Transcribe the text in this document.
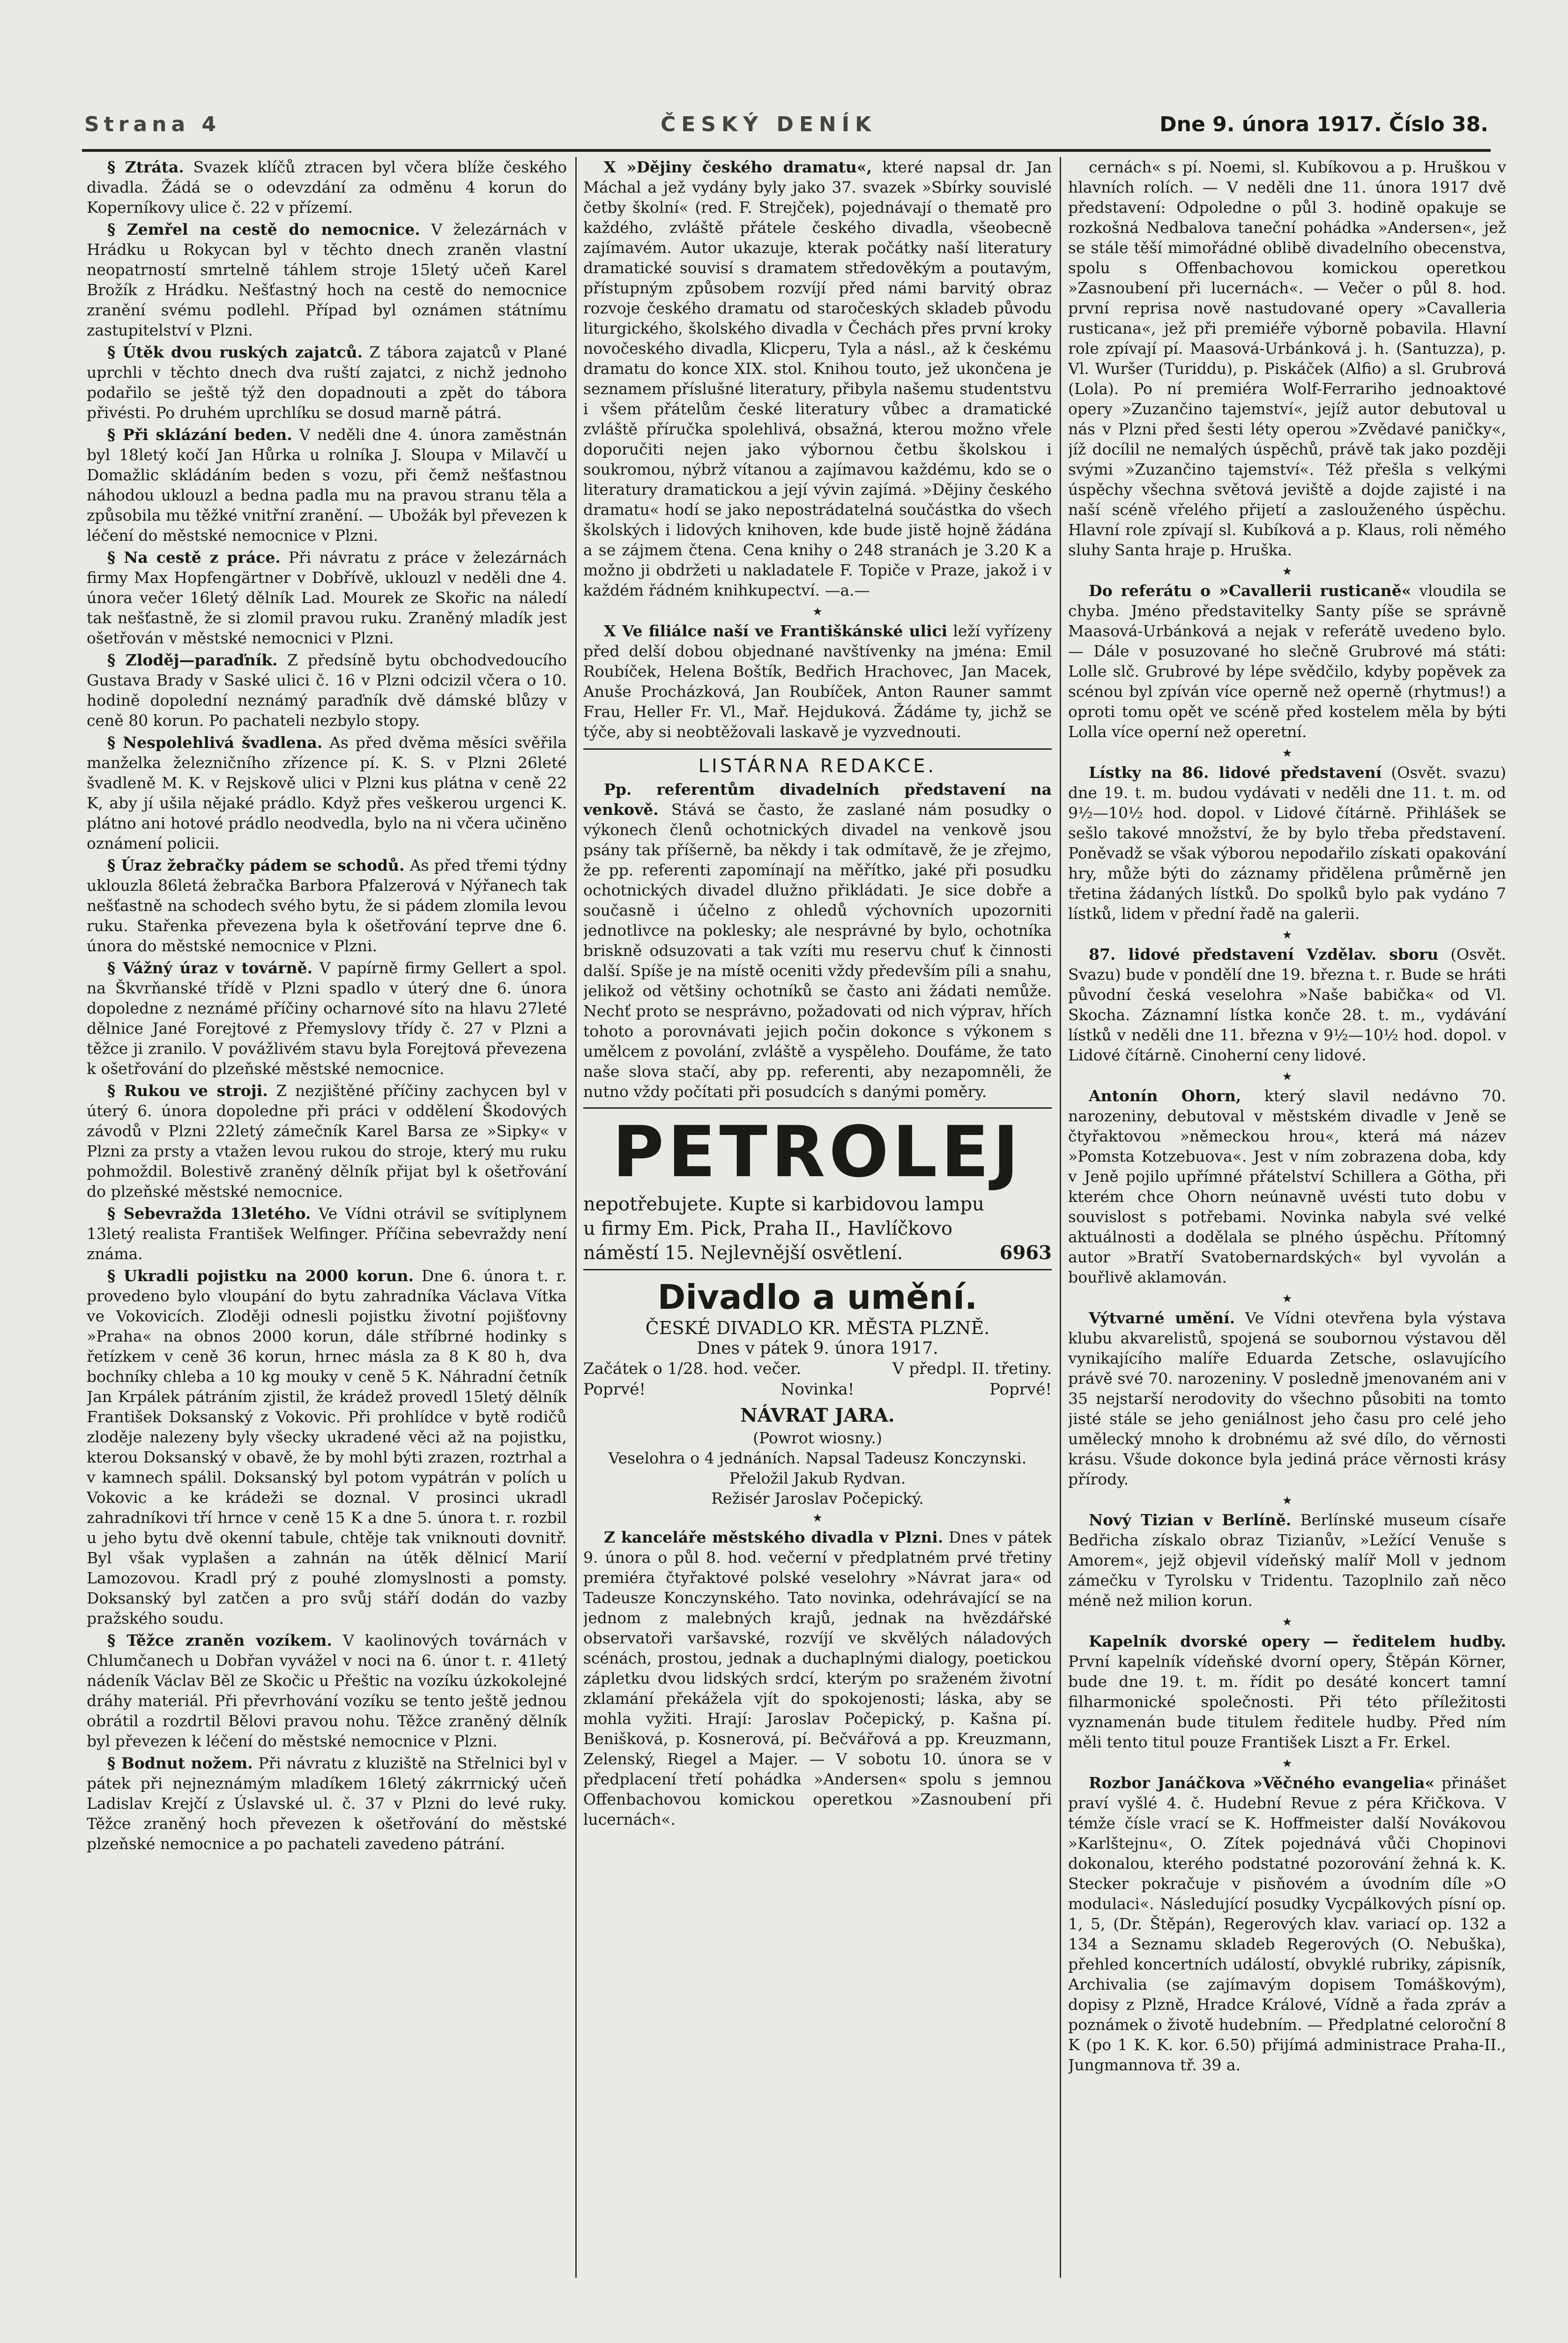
Strana 4	ČESKÝ DENÍK	Dne 9. února 1917. Číslo 38.

§ Ztráta. Svazek klíčů ztracen byl včera blíže českého divadla. Žádá se o odevzdání za odměnu 4 korun do Koperníkovy ulice č. 22 v přízemí.

§ Zemřel na cestě do nemocnice. V železárnách v Hrádku u Rokycan byl v těchto dnech zraněn vlastní neopatrností smrtelně táhlem stroje 15letý učeň Karel Brožík z Hrádku. Nešťastný hoch na cestě do nemocnice zranění svému podlehl. Případ byl oznámen státnímu zastupitelství v Plzni.

§ Útěk dvou ruských zajatců. Z tábora zajatců v Plané uprchli v těchto dnech dva ruští zajatci, z nichž jednoho podařilo se ještě týž den dopadnouti a zpět do tábora přivésti. Po druhém uprchlíku se dosud marně pátrá.

§ Při sklázání beden. V neděli dne 4. února zaměstnán byl 18letý kočí Jan Hůrka u rolníka J. Sloupa v Milavčí u Domažlic skládáním beden s vozu, při čemž nešťastnou náhodou uklouzl a bedna padla mu na pravou stranu těla a způsobila mu těžké vnitřní zranění. — Ubožák byl převezen k léčení do městské nemocnice v Plzni.

§ Na cestě z práce. Při návratu z práce v železárnách firmy Max Hopfengärtner v Dobřívě, uklouzl v neděli dne 4. února večer 16letý dělník Lad. Mourek ze Skořic na náledí tak nešťastně, že si zlomil pravou ruku. Zraněný mladík jest ošetřován v městské nemocnici v Plzni.

§ Zloděj—paraďník. Z předsíně bytu obchodvedoucího Gustava Brady v Saské ulici č. 16 v Plzni odcizil včera o 10. hodině dopolední neznámý paraďník dvě dámské blůzy v ceně 80 korun. Po pachateli nezbylo stopy.

§ Nespolehlivá švadlena. As před dvěma měsíci svěřila manželka železničního zřízence pí. K. S. v Plzni 26leté švadleně M. K. v Rejskově ulici v Plzni kus plátna v ceně 22 K, aby jí ušila nějaké prádlo. Když přes veškerou urgenci K. plátno ani hotové prádlo neodvedla, bylo na ni včera učiněno oznámení policii.

§ Úraz žebračky pádem se schodů. As před třemi týdny uklouzla 86letá žebračka Barbora Pfalzerová v Nýřanech tak nešťastně na schodech svého bytu, že si pádem zlomila levou ruku. Stařenka převezena byla k ošetřování teprve dne 6. února do městské nemocnice v Plzni.

§ Vážný úraz v továrně. V papírně firmy Gellert a spol. na Škvrňanské třídě v Plzni spadlo v úterý dne 6. února dopoledne z neznámé příčiny ocharnové síto na hlavu 27leté dělnice Jané Forejtové z Přemyslovy třídy č. 27 v Plzni a těžce ji zranilo. V povážlivém stavu byla Forejtová převezena k ošetřování do plzeňské městské nemocnice.

§ Rukou ve stroji. Z nezjištěné příčiny zachycen byl v úterý 6. února dopoledne při práci v oddělení Škodových závodů v Plzni 22letý zámečník Karel Barsa ze »Sipky« v Plzni za prsty a vtažen levou rukou do stroje, který mu ruku pohmoždil. Bolestivě zraněný dělník přijat byl k ošetřování do plzeňské městské nemocnice.

§ Sebevražda 13letého. Ve Vídni otrávil se svítiplynem 13letý realista František Welfinger. Příčina sebevraždy není známa.

§ Ukradli pojistku na 2000 korun. Dne 6. února t. r. provedeno bylo vloupání do bytu zahradníka Václava Vítka ve Vokovicích. Zloději odnesli pojistku životní pojišťovny »Praha« na obnos 2000 korun, dále stříbrné hodinky s řetízkem v ceně 36 korun, hrnec másla za 8 K 80 h, dva bochníky chleba a 10 kg mouky v ceně 5 K. Náhradní četník Jan Krpálek pátráním zjistil, že krádež provedl 15letý dělník František Doksanský z Vokovic. Při prohlídce v bytě rodičů zloděje nalezeny byly všecky ukradené věci až na pojistku, kterou Doksanský v obavě, že by mohl býti zrazen, roztrhal a v kamnech spálil. Doksanský byl potom vypátrán v polích u Vokovic a ke krádeži se doznal. V prosinci ukradl zahradníkovi tří hrnce v ceně 15 K a dne 5. února t. r. rozbil u jeho bytu dvě okenní tabule, chtěje tak vniknouti dovnitř. Byl však vyplašen a zahnán na útěk dělnicí Marií Lamozovou. Kradl prý z pouhé zlomyslnosti a pomsty. Doksanský byl zatčen a pro svůj stáří dodán do vazby pražského soudu.

§ Těžce zraněn vozíkem. V kaolinových továrnách v Chlumčanech u Dobřan vyvážel v noci na 6. únor t. r. 41letý nádeník Václav Běl ze Skočic u Přeštic na vozíku úzkokolejné dráhy materiál. Při převrhování vozíku se tento ještě jednou obrátil a rozdrtil Bělovi pravou nohu. Těžce zraněný dělník byl převezen k léčení do městské nemocnice v Plzni.

§ Bodnut nožem. Při návratu z kluziště na Střelnici byl v pátek při nejneznámým mladíkem 16letý zákrrnický učeň Ladislav Krejčí z Úslavské ul. č. 37 v Plzni do levé ruky. Těžce zraněný hoch převezen k ošetřování do městské plzeňské nemocnice a po pachateli zavedeno pátrání.

X »Dějiny českého dramatu«, které napsal dr. Jan Máchal a jež vydány byly jako 37. svazek »Sbírky souvislé četby školní« (red. F. Strejček), pojednávají o thematě pro každého, zvláště přátele českého divadla, všeobecně zajímavém. Autor ukazuje, kterak počátky naší literatury dramatické souvisí s dramatem středověkým a poutavým, přístupným způsobem rozvíjí před námi barvitý obraz rozvoje českého dramatu od staročeských skladeb původu liturgického, školského divadla v Čechách přes první kroky novočeského divadla, Klicperu, Tyla a násl., až k českému dramatu do konce XIX. stol. Knihou touto, jež ukončena je seznamem příslušné literatury, přibyla našemu studentstvu i všem přátelům české literatury vůbec a dramatické zvláště příručka spolehlivá, obsažná, kterou možno vřele doporučiti nejen jako výbornou četbu školskou i soukromou, nýbrž vítanou a zajímavou každému, kdo se o literatury dramatickou a její vývin zajímá. »Dějiny českého dramatu« hodí se jako nepostrádatelná součástka do všech školských i lidových knihoven, kde bude jistě hojně žádána a se zájmem čtena. Cena knihy o 248 stranách je 3.20 K a možno ji obdržeti u nakladatele F. Topiče v Praze, jakož i v každém řádném knihkupectví. —a.—

★

X Ve filiálce naší ve Františkánské ulici leží vyřízeny před delší dobou objednané navštívenky na jména: Emil Roubíček, Helena Boštík, Bedřich Hrachovec, Jan Macek, Anuše Procházková, Jan Roubíček, Anton Rauner sammt Frau, Heller Fr. Vl., Mař. Hejduková. Žádáme ty, jichž se týče, aby si neobtěžovali laskavě je vyzvednouti.

LISTÁRNA REDAKCE.

Pp. referentům divadelních představení na venkově. Stává se často, že zaslané nám posudky o výkonech členů ochotnických divadel na venkově jsou psány tak příšerně, ba někdy i tak odmítavě, že je zřejmo, že pp. referenti zapomínají na měřítko, jaké při posudku ochotnických divadel dlužno přikládati. Je sice dobře a současně i účelno z ohledů výchovních upozorniti jednotlivce na poklesky; ale nesprávné by bylo, ochotníka briskně odsuzovati a tak vzíti mu reservu chuť k činnosti další. Spíše je na místě oceniti vždy především píli a snahu, jelikož od většiny ochotníků se často ani žádati nemůže. Nechť proto se nesprávno, požadovati od nich výprav, hřích tohoto a porovnávati jejich počin dokonce s výkonem s umělcem z povolání, zvláště a vyspěleho. Doufáme, že tato naše slova stačí, aby pp. referenti, aby nezapomněli, že nutno vždy počítati při posudcích s danými poměry.

PETROLEJ
nepotřebujete. Kupte si karbidovou lampu
u firmy Em. Pick, Praha II., Havlíčkovo
náměstí 15. Nejlevnější osvětlení.	6963
Divadlo a umění.
ČESKÉ DIVADLO KR. MĚSTA PLZNĚ.
Dnes v pátek 9. února 1917.
Začátek o 1/28. hod. večer.	V předpl. II. třetiny.
Poprvé!	Novinka!	Poprvé!
NÁVRAT JARA.
(Powrot wiosny.)
Veselohra o 4 jednáních. Napsal Tadeusz Konczynski. Přeložil Jakub Rydvan.
Režisér Jaroslav Počepický.
★

Z kanceláře městského divadla v Plzni. Dnes v pátek 9. února o půl 8. hod. večerní v předplatném prvé třetiny premiéra čtyřaktové polské veselohry »Návrat jara« od Tadeusze Konczynského. Tato novinka, odehrávající se na jednom z malebných krajů, jednak na hvězdářské observatoři varšavské, rozvíjí ve skvělých náladových scénách, prostou, jednak a duchaplnými dialogy, poetickou zápletku dvou lidských srdcí, kterým po sraženém životní zklamání překážela vjít do spokojenosti; láska, aby se mohla vyžiti. Hrají: Jaroslav Počepický, p. Kašna pí. Benišková, p. Kosnerová, pí. Bečvářová a pp. Kreuzmann, Zelenský, Riegel a Majer. — V sobotu 10. února se v předplacení třetí pohádka »Andersen« spolu s jemnou Offenbachovou komickou operetkou »Zasnoubení při lucernách«.

cernách« s pí. Noemi, sl. Kubíkovou a p. Hruškou v hlavních rolích. — V neděli dne 11. února 1917 dvě představení: Odpoledne o půl 3. hodině opakuje se rozkošná Nedbalova taneční pohádka »Andersen«, jež se stále těší mimořádné oblibě divadelního obecenstva, spolu s Offenbachovou komickou operetkou »Zasnoubení při lucernách«. — Večer o půl 8. hod. první reprisa nově nastudované opery »Cavalleria rusticana«, jež při premiéře výborně pobavila. Hlavní role zpívají pí. Maasová-Urbánková j. h. (Santuzza), p. Vl. Wuršer (Turiddu), p. Piskáček (Alfio) a sl. Grubrová (Lola). Po ní premiéra Wolf-Ferrariho jednoaktové opery »Zuzančino tajemství«, jejíž autor debutoval u nás v Plzni před šesti léty operou »Zvědavé paničky«, jíž docílil ne nemalých úspěchů, právě tak jako později svými »Zuzančino tajemství«. Též přešla s velkými úspěchy všechna světová jeviště a dojde zajisté i na naší scéně vřelého přijetí a zaslouženého úspěchu. Hlavní role zpívají sl. Kubíková a p. Klaus, roli němého sluhy Santa hraje p. Hruška.

★

Do referátu o »Cavallerii rusticaně« vloudila se chyba. Jméno představitelky Santy píše se správně Maasová-Urbánková a nejak v referátě uvedeno bylo. — Dále v posuzované ho slečně Grubrové má státi: Lolle slč. Grubrové by lépe svědčilo, kdyby popěvek za scénou byl zpíván více operně než operně (rhytmus!) a oproti tomu opět ve scéně před kostelem měla by býti Lolla více operní než operetní.

★

Lístky na 86. lidové představení (Osvět. svazu) dne 19. t. m. budou vydávati v neděli dne 11. t. m. od 9½—10½ hod. dopol. v Lidové čítárně. Přihlášek se sešlo takové množství, že by bylo třeba představení. Poněvadž se však výborou nepodařilo získati opakování hry, může býti do záznamy přidělena průměrně jen třetina žádaných lístků. Do spolků bylo pak vydáno 7 lístků, lidem v přední řadě na galerii.

★

87. lidové představení Vzdělav. sboru (Osvět. Svazu) bude v pondělí dne 19. března t. r. Bude se hráti původní česká veselohra »Naše babička« od Vl. Skocha. Záznamní lístka konče 28. t. m., vydávání lístků v neděli dne 11. března v 9½—10½ hod. dopol. v Lidové čítárně. Cinoherní ceny lidové.

★

Antonín Ohorn, který slavil nedávno 70. narozeniny, debutoval v městském divadle v Jeně se čtyřaktovou »německou hrou«, která má název »Pomsta Kotzebuova«. Jest v ním zobrazena doba, kdy v Jeně pojilo upřímné přátelství Schillera a Götha, při kterém chce Ohorn neúnavně uvésti tuto dobu v souvislost s potřebami. Novinka nabyla své velké aktuálnosti a dodělala se plného úspěchu. Přítomný autor »Bratří Svatobernardských« byl vyvolán a bouřlivě aklamován.

★

Výtvarné umění. Ve Vídni otevřena byla výstava klubu akvarelistů, spojená se soubornou výstavou děl vynikajícího malíře Eduarda Zetsche, oslavujícího právě své 70. narozeniny. V posledně jmenovaném ani v 35 nejstarší nerodovity do všechno působiti na tomto jisté stále se jeho geniálnost jeho času pro celé jeho umělecký mnoho k drobnému až své dílo, do věrnosti krásu. Všude dokonce byla jediná práce věrnosti krásy přírody.

★

Nový Tizian v Berlíně. Berlínské museum císaře Bedřicha získalo obraz Tizianův, »Ležící Venuše s Amorem«, jejž objevil vídeňský malíř Moll v jednom zámečku v Tyrolsku v Tridentu. Tazoplnilo zaň něco méně než milion korun.

★

Kapelník dvorské opery — ředitelem hudby. První kapelník vídeňské dvorní opery, Štěpán Körner, bude dne 19. t. m. řídit po desáté koncert tamní filharmonické společnosti. Při této příležitosti vyznamenán bude titulem ředitele hudby. Před ním měli tento titul pouze František Liszt a Fr. Erkel.

★

Rozbor Janáčkova »Věčného evangelia« přinášet praví vyšlé 4. č. Hudební Revue z péra Křičkova. V témže čísle vrací se K. Hoffmeister další Novákovou »Karlštejnu«, O. Zítek pojednává vůči Chopinovi dokonalou, kterého podstatné pozorování žehná k. K. Stecker pokračuje v pisňovém a úvodním díle »O modulaci«. Následující posudky Vycpálkových písní op. 1, 5, (Dr. Štěpán), Regerových klav. variací op. 132 a 134 a Seznamu skladeb Regerových (O. Nebuška), přehled koncertních událostí, obvyklé rubriky, zápisník, Archivalia (se zajímavým dopisem Tomáškovým), dopisy z Plzně, Hradce Králové, Vídně a řada zpráv a poznámek o životě hudebním. — Předplatné celoroční 8 K (po 1 K. K. kor. 6.50) přijímá administrace Praha-II., Jungmannova tř. 39 a.
